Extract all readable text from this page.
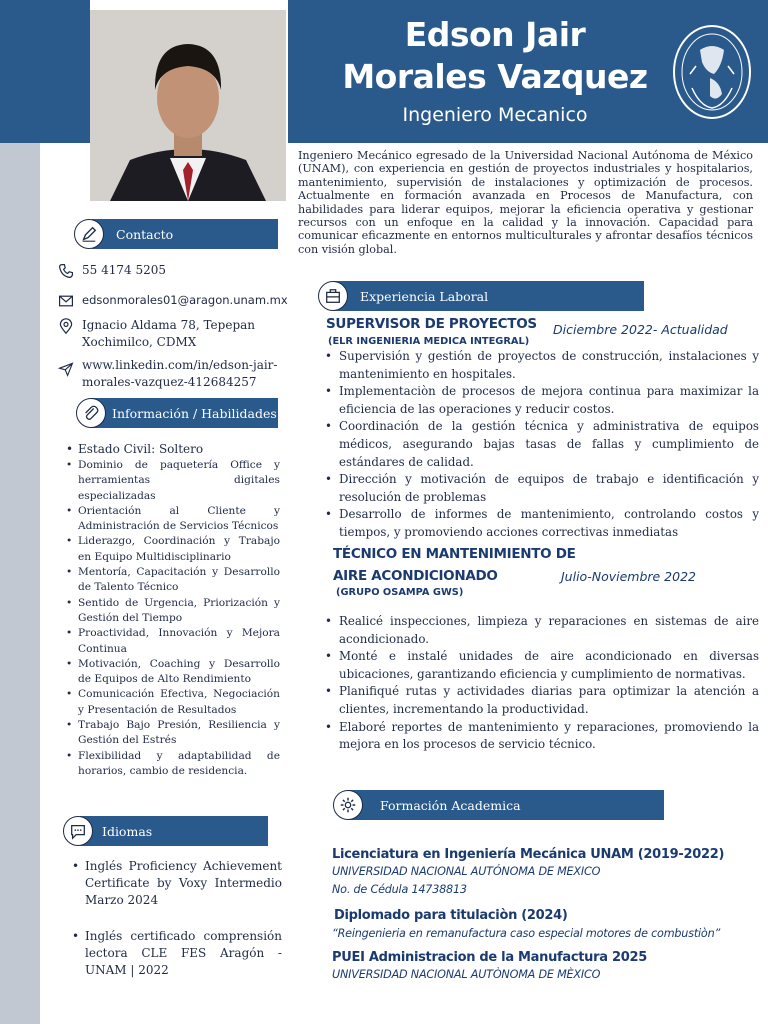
Edson Jair
Morales Vazquez
Ingeniero Mecanico
Ingeniero Mecánico egresado de la Universidad Nacional Autónoma de México (UNAM), con experiencia en gestión de proyectos industriales y hospitalarios, mantenimiento, supervisión de instalaciones y optimización de procesos. Actualmente en formación avanzada en Procesos de Manufactura, con habilidades para liderar equipos, mejorar la eficiencia operativa y gestionar recursos con un enfoque en la calidad y la innovación. Capacidad para comunicar eficazmente en entornos multiculturales y afrontar desafíos técnicos con visión global.
Contacto
55 4174 5205
edsonmorales01@aragon.unam.mx
Ignacio Aldama 78, Tepepan Xochimilco, CDMX
www.linkedin.com/in/edson-jair-morales-vazquez-412684257
Información / Habilidades
• Estado Civil: Soltero
• Dominio de paquetería Office y herramientas digitales especializadas
• Orientación al Cliente y Administración de Servicios Técnicos
• Liderazgo, Coordinación y Trabajo en Equipo Multidisciplinario
• Mentoría, Capacitación y Desarrollo de Talento Técnico
• Sentido de Urgencia, Priorización y Gestión del Tiempo
• Proactividad, Innovación y Mejora Continua
• Motivación, Coaching y Desarrollo de Equipos de Alto Rendimiento
• Comunicación Efectiva, Negociación y Presentación de Resultados
• Trabajo Bajo Presión, Resiliencia y Gestión del Estrés
• Flexibilidad y adaptabilidad de horarios, cambio de residencia.
Idiomas
• Inglés Proficiency Achievement Certificate by Voxy Intermedio Marzo 2024
• Inglés certificado comprensión lectora CLE FES Aragón - UNAM | 2022
Experiencia Laboral
SUPERVISOR DE PROYECTOS Diciembre 2022- Actualidad
(ELR INGENIERIA MEDICA INTEGRAL)
• Supervisión y gestión de proyectos de construcción, instalaciones y mantenimiento en hospitales.
• Implementaciòn de procesos de mejora continua para maximizar la eficiencia de las operaciones y reducir costos.
• Coordinación de la gestión técnica y administrativa de equipos médicos, asegurando bajas tasas de fallas y cumplimiento de estándares de calidad.
• Dirección y motivación de equipos de trabajo e identificación y resolución de problemas
• Desarrollo de informes de mantenimiento, controlando costos y tiempos, y promoviendo acciones correctivas inmediatas
TÉCNICO EN MANTENIMIENTO DE
AIRE ACONDICIONADO	Julio-Noviembre 2022
(GRUPO OSAMPA GWS)
• Realicé inspecciones, limpieza y reparaciones en sistemas de aire acondicionado.
• Monté e instalé unidades de aire acondicionado en diversas ubicaciones, garantizando eficiencia y cumplimiento de normativas.
• Planifiqué rutas y actividades diarias para optimizar la atención a clientes, incrementando la productividad.
• Elaboré reportes de mantenimiento y reparaciones, promoviendo la mejora en los procesos de servicio técnico.
Formación Academica
Licenciatura en Ingeniería Mecánica UNAM (2019-2022)
UNIVERSIDAD NACIONAL AUTÓNOMA DE MEXICO
No. de Cédula 14738813
Diplomado para titulaciòn (2024)
“Reingenieria en remanufactura caso especial motores de combustiòn”
PUEI Administracion de la Manufactura 2025
UNIVERSIDAD NACIONAL AUTÒNOMA DE MÈXICO
